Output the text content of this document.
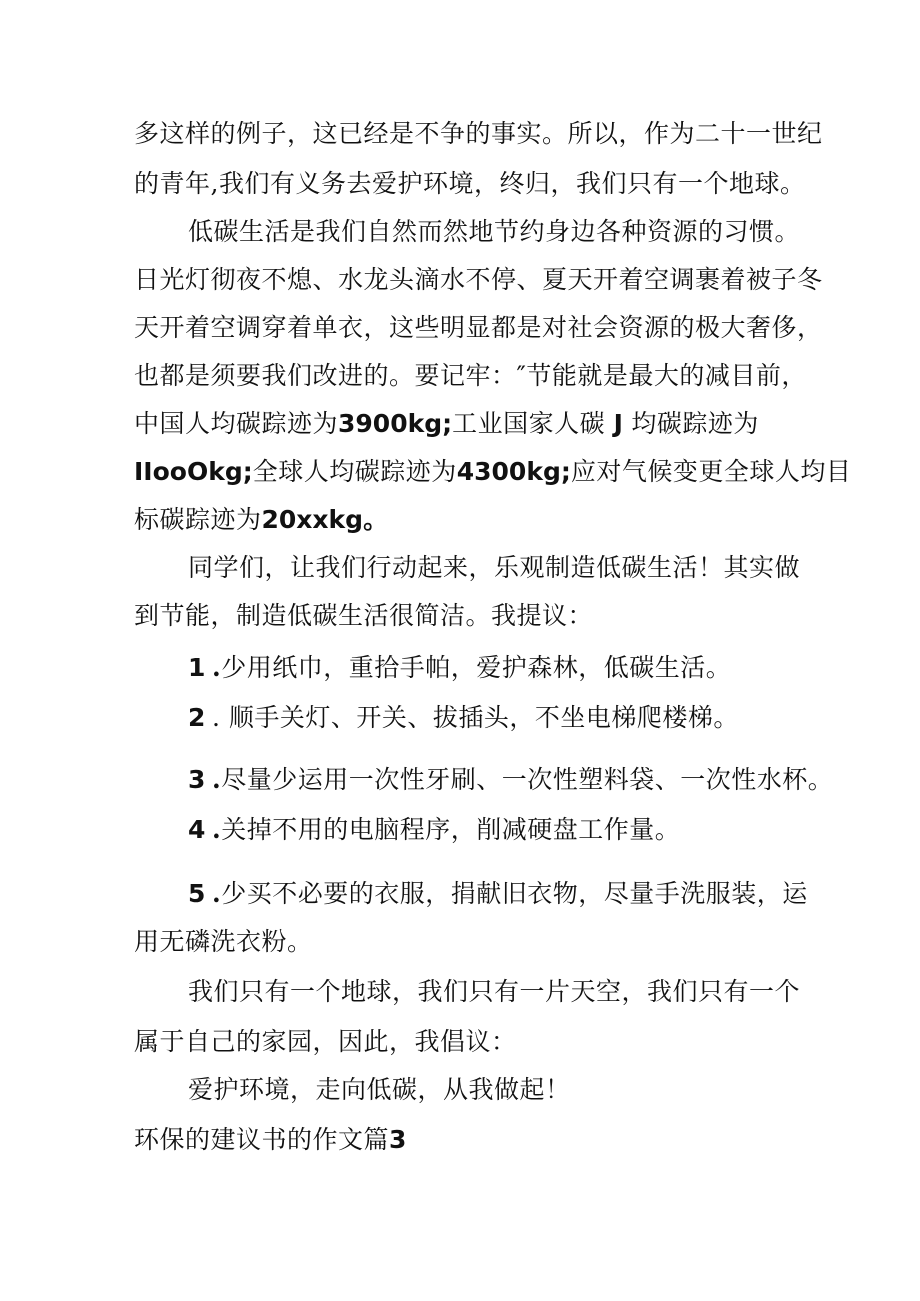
多这样的例子，这已经是不争的事实。所以，作为二十一世纪
的青年,我们有义务去爱护环境，终归，我们只有一个地球。
低碳生活是我们自然而然地节约身边各种资源的习惯。
日光灯彻夜不熄、水龙头滴水不停、夏天开着空调裹着被子冬
天开着空调穿着单衣，这些明显都是对社会资源的极大奢侈，
也都是须要我们改进的。要记牢：″节能就是最大的减目前，
中国人均碳踪迹为3900kg;工业国家人碳 J 均碳踪迹为
IIooOkg;全球人均碳踪迹为4300kg;应对气候变更全球人均目
标碳踪迹为20xxkg。
同学们，让我们行动起来，乐观制造低碳生活！其实做
到节能，制造低碳生活很简洁。我提议：
1 .少用纸巾，重拾手帕，爱护森林，低碳生活。
2 . 顺手关灯、开关、拔插头，不坐电梯爬楼梯。
3 .尽量少运用一次性牙刷、一次性塑料袋、一次性水杯。
4 .关掉不用的电脑程序，削减硬盘工作量。
5 .少买不必要的衣服，捐献旧衣物，尽量手洗服装，运
用无磷洗衣粉。
我们只有一个地球，我们只有一片天空，我们只有一个
属于自己的家园，因此，我倡议：
爱护环境，走向低碳，从我做起！
环保的建议书的作文篇3
